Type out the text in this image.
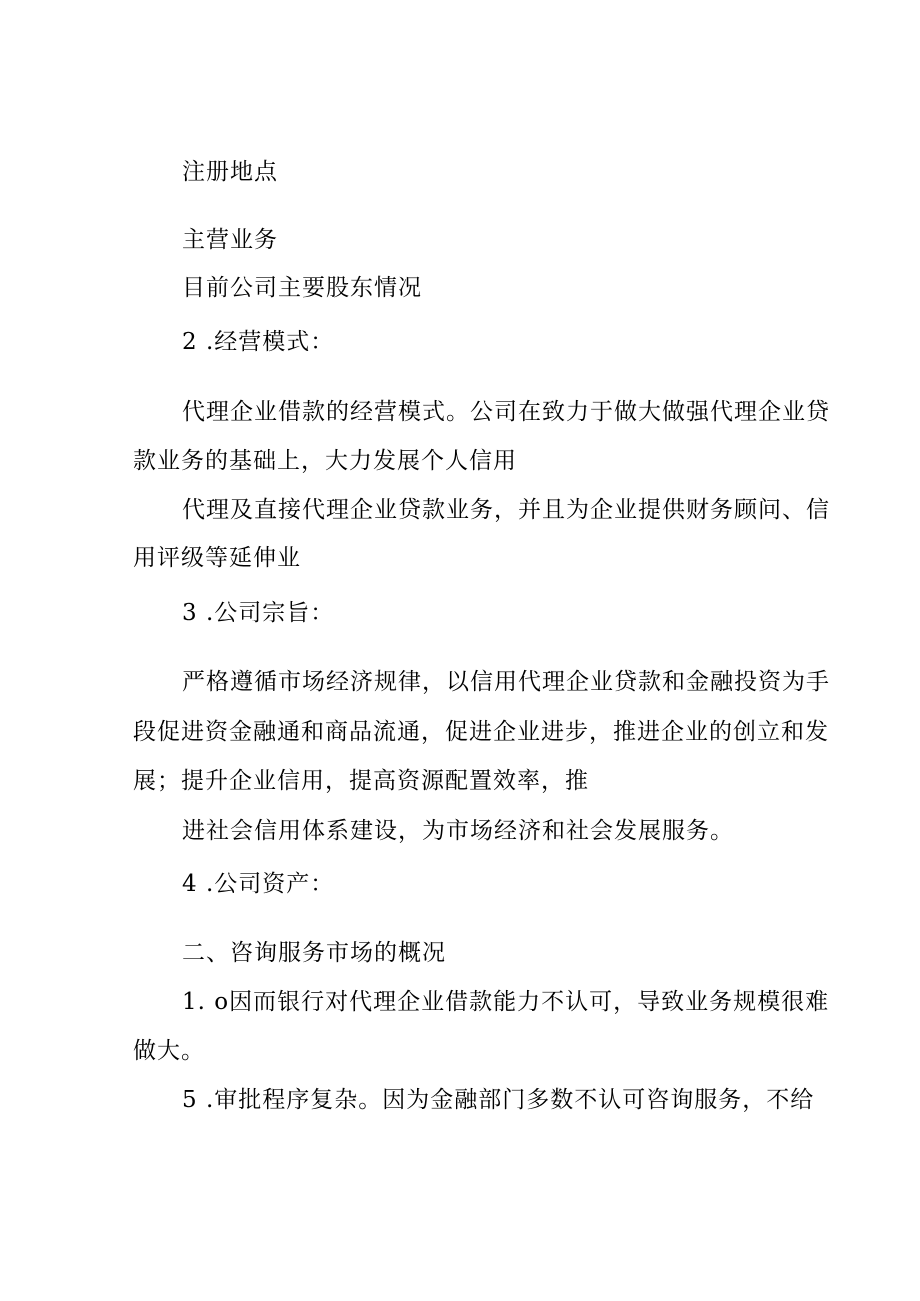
注册地点
主营业务
目前公司主要股东情况
2 .经营模式：
代理企业借款的经营模式。公司在致力于做大做强代理企业贷
款业务的基础上，大力发展个人信用
代理及直接代理企业贷款业务，并且为企业提供财务顾问、信
用评级等延伸业
3 .公司宗旨：
严格遵循市场经济规律，以信用代理企业贷款和金融投资为手
段促进资金融通和商品流通，促进企业进步，推进企业的创立和发
展；提升企业信用，提高资源配置效率，推
进社会信用体系建设，为市场经济和社会发展服务。
4 .公司资产：
二、咨询服务市场的概况
1. o因而银行对代理企业借款能力不认可，导致业务规模很难
做大。
5 .审批程序复杂。因为金融部门多数不认可咨询服务，不给
